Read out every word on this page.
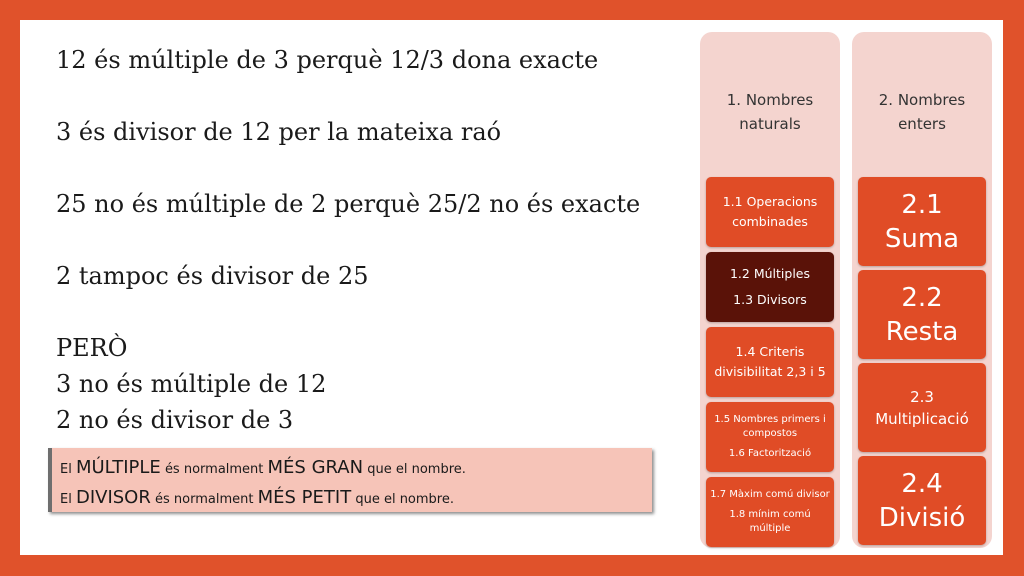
12 és múltiple de 3 perquè 12/3 dona exacte

3 és divisor de 12 per la mateixa raó

25 no és múltiple de 2 perquè 25/2 no és exacte

2 tampoc és divisor de 25

PERÒ

3 no és múltiple de 12

2 no és divisor de 3

El MÚLTIPLE és normalment MÉS GRAN que el nombre.
El DIVISOR és normalment MÉS PETIT que el nombre.
1. Nombres
naturals
1.1 Operacions
combinades
1.2 Múltiples
1.3 Divisors
1.4 Criteris
divisibilitat 2,3 i 5
1.5 Nombres primers i
compostos
1.6 Factorització
1.7 Màxim comú divisor
1.8 mínim comú
múltiple
2. Nombres
enters
2.1
Suma
2.2
Resta
2.3
Multiplicació
2.4
Divisió
